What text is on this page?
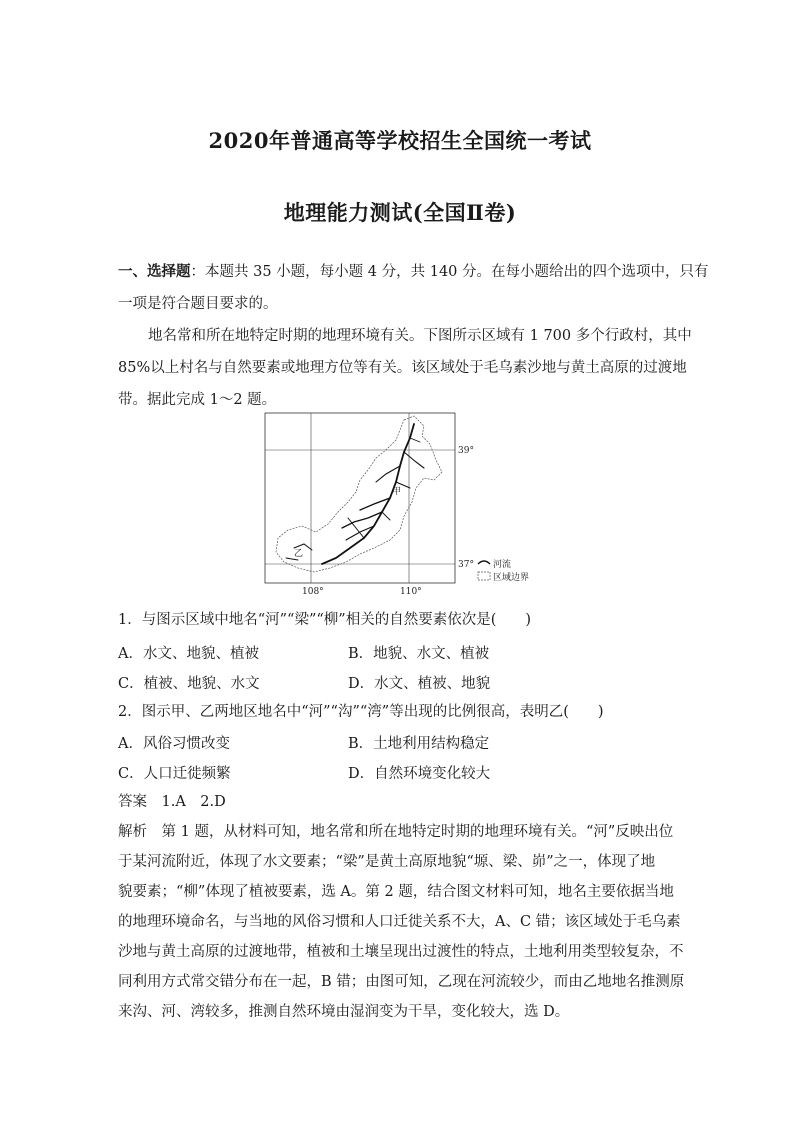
2020年普通高等学校招生全国统一考试
地理能力测试(全国Ⅱ卷)
一、选择题：本题共 35 小题，每小题 4 分，共 140 分。在每小题给出的四个选项中，只有
一项是符合题目要求的。
地名常和所在地特定时期的地理环境有关。下图所示区域有 1 700 多个行政村，其中
85%以上村名与自然要素或地理方位等有关。该区域处于毛乌素沙地与黄土高原的过渡地
带。据此完成 1～2 题。
甲
乙
39°
37°
108°	110°
河流
区域边界
1．与图示区域中地名“河”“梁”“柳”相关的自然要素依次是(　　)
A．水文、地貌、植被	B．地貌、水文、植被
C．植被、地貌、水文	D．水文、植被、地貌
2．图示甲、乙两地区地名中“河”“沟”“湾”等出现的比例很高，表明乙(　　)
A．风俗习惯改变	B．土地利用结构稳定
C．人口迁徙频繁	D．自然环境变化较大
答案　1.A　2.D
解析　第 1 题，从材料可知，地名常和所在地特定时期的地理环境有关。“河”反映出位
于某河流附近，体现了水文要素；“梁”是黄土高原地貌“塬、梁、峁”之一，体现了地
貌要素；“柳”体现了植被要素，选 A。第 2 题，结合图文材料可知，地名主要依据当地
的地理环境命名，与当地的风俗习惯和人口迁徙关系不大，A、C 错；该区域处于毛乌素
沙地与黄土高原的过渡地带，植被和土壤呈现出过渡性的特点，土地利用类型较复杂，不
同利用方式常交错分布在一起，B 错；由图可知，乙现在河流较少，而由乙地地名推测原
来沟、河、湾较多，推测自然环境由湿润变为干旱，变化较大，选 D。
